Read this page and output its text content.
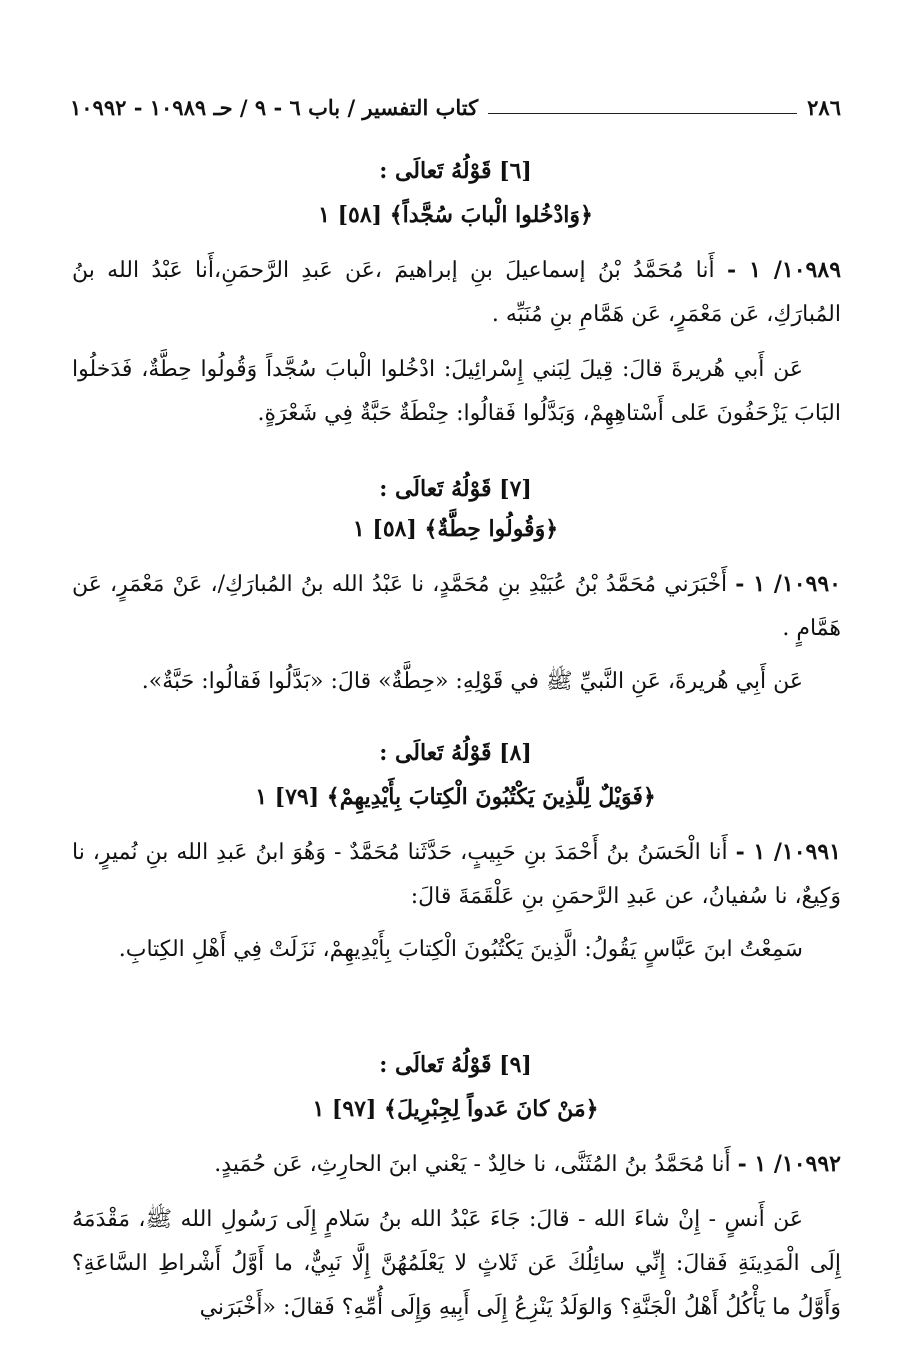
٢٨٦
كتاب التفسير / باب ٦ - ٩ / حـ ١٠٩٨٩ - ١٠٩٩٢
[٦] قَوْلُهُ تَعالَى :
﴿وَادْخُلوا الْبابَ سُجَّداً﴾ [٥٨] ١
١٠٩٨٩/ ١ - أَنا مُحَمَّدُ بْنُ إسماعيلَ بنِ إبراهيمَ ،عَن عَبدِ الرَّحمَنِ،أَنا عَبْدُ الله بنُ المُبارَكِ، عَن مَعْمَرٍ، عَن هَمَّامِ بنِ مُنَبِّه .
عَن أَبي هُريرةَ قالَ: قِيلَ لِبَني إِسْرائِيلَ: ادْخُلوا الْبابَ سُجَّداً وَقُولُوا حِطَّةٌ، فَدَخلُوا البَابَ يَزْحَفُونَ عَلى أَسْتاهِهِمْ، وَبَدَّلُوا فَقالُوا: حِنْطَةٌ حَبَّةٌ فِي شَعْرَةٍ.
[٧] قَوْلُهُ تَعالَى :
﴿وَقُولُوا حِطَّةٌ﴾ [٥٨] ١
١٠٩٩٠/ ١ - أَخْبَرَني مُحَمَّدُ بْنُ عُبَيْدِ بنِ مُحَمَّدٍ، نا عَبْدُ الله بنُ المُبارَكِ/، عَنْ مَعْمَرٍ، عَن هَمَّامٍ .
عَن أَبِي هُريرةَ، عَنِ النَّبيِّ ﷺ في قَوْلِهِ: «حِطَّةٌ» قالَ: «بَدَّلُوا فَقالُوا: حَبَّةٌ».
[٨] قَوْلُهُ تَعالَى :
﴿فَوَيْلٌ لِلَّذِينَ يَكْتُبُونَ الْكِتابَ بِأَيْدِيهِمْ﴾ [٧٩] ١
١٠٩٩١/ ١ - أَنا الْحَسَنُ بنُ أَحْمَدَ بنِ حَبِيبٍ، حَدَّثَنا مُحَمَّدٌ - وَهُوَ ابنُ عَبدِ الله بنِ نُميرٍ، نا وَكِيعٌ، نا سُفيانُ، عن عَبدِ الرَّحمَنِ بنِ عَلْقَمَةَ قالَ:
سَمِعْتُ ابنَ عَبَّاسٍ يَقُولُ: الَّذِينَ يَكْتُبُونَ الْكِتابَ بِأَيْدِيهِمْ، نَزَلَتْ فِي أَهْلِ الكِتابِ.
[٩] قَوْلُهُ تَعالَى :
﴿مَنْ كانَ عَدواً لِجِبْرِيلَ﴾ [٩٧] ١
١٠٩٩٢/ ١ - أَنا مُحَمَّدُ بنُ المُثَنَّى، نا خالِدٌ - يَعْني ابنَ الحارِثِ، عَن حُمَيدٍ.
عَن أَنسٍ - إِنْ شاءَ الله - قالَ: جَاءَ عَبْدُ الله بنُ سَلامٍ إِلَى رَسُولِ الله ﷺ، مَقْدَمَهُ إِلَى الْمَدِينَةِ فَقالَ: إِنِّي سائِلُكَ عَن ثَلاثٍ لا يَعْلَمُهُنَّ إِلَّا نَبِيٌّ، ما أَوَّلُ أَشْراطِ السَّاعَةِ؟ وَأَوَّلُ ما يَأْكُلُ أَهْلُ الْجَنَّةِ؟ وَالوَلَدُ يَنْزِعُ إِلَى أَبِيهِ وَإِلَى أُمِّهِ؟ فَقالَ: «أَخْبَرَني
